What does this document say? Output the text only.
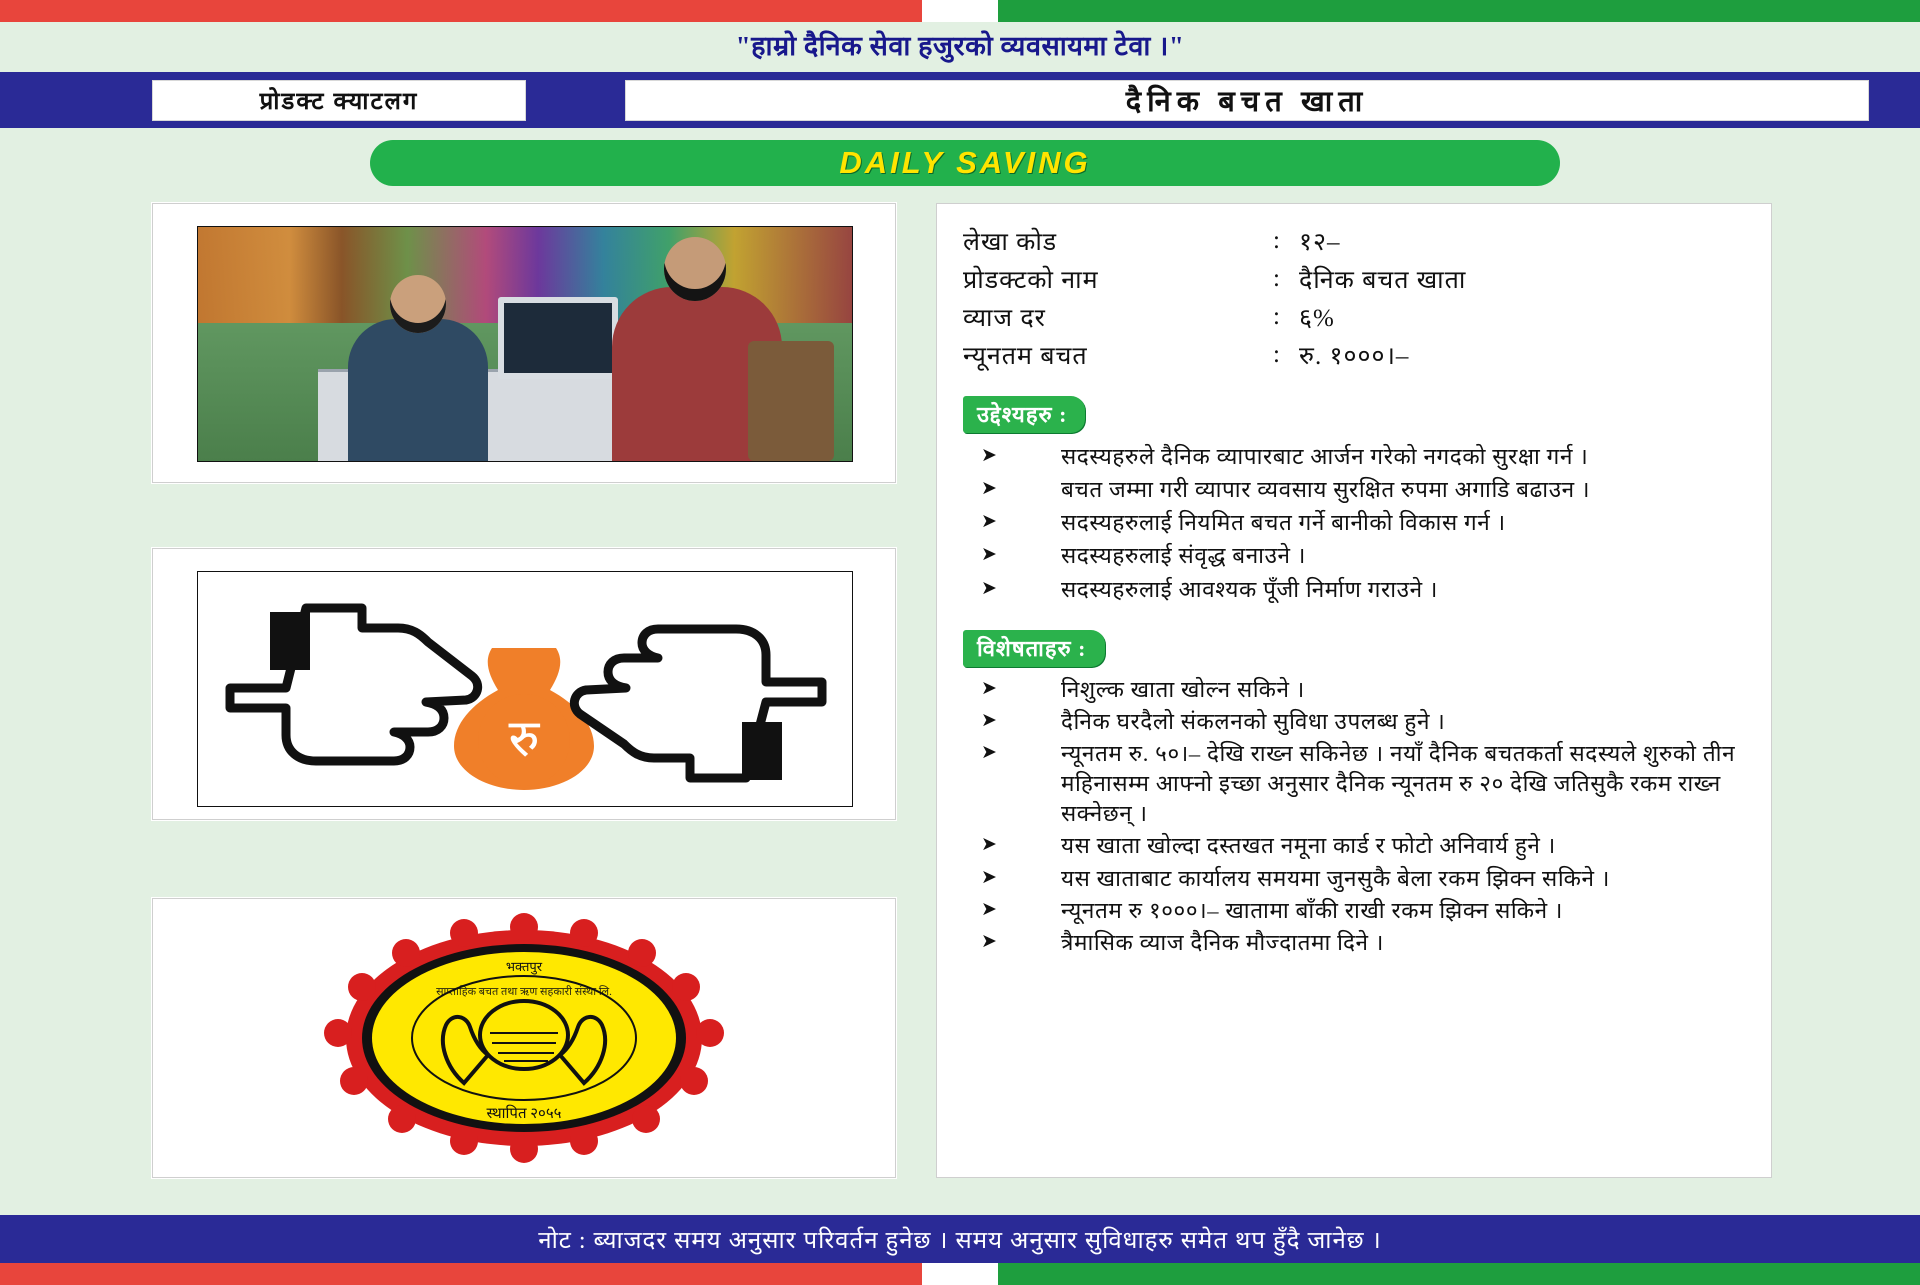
"हाम्रो दैनिक सेवा हजुरको व्यवसायमा टेवा ।"
प्रोडक्ट क्याटलग	दैनिक बचत खाता
DAILY SAVING
रु
भक्तपुर
स्थापित २०५५
साप्ताहिक बचत तथा ऋण सहकारी संस्था लि.
लेखा कोड	:	१२–
प्रोडक्टको नाम	:	दैनिक बचत खाता
व्याज दर	:	६%
न्यूनतम बचत	:	रु. १०००।–
उद्देश्यहरु :
➤ सदस्यहरुले दैनिक व्यापारबाट आर्जन गरेको नगदको सुरक्षा गर्न ।
➤ बचत जम्मा गरी व्यापार व्यवसाय सुरक्षित रुपमा अगाडि बढाउन ।
➤ सदस्यहरुलाई नियमित बचत गर्ने बानीको विकास गर्न ।
➤ सदस्यहरुलाई संवृद्ध बनाउने ।
➤ सदस्यहरुलाई आवश्यक पूँजी निर्माण गराउने ।
विशेषताहरु :
➤ निशुल्क खाता खोल्न सकिने ।
➤ दैनिक घरदैलो संकलनको सुविधा उपलब्ध हुने ।
➤ न्यूनतम रु. ५०।– देखि राख्न सकिनेछ । नयाँ दैनिक बचतकर्ता सदस्यले शुरुको तीन महिनासम्म आफ्नो इच्छा अनुसार दैनिक न्यूनतम रु २० देखि जतिसुकै रकम राख्न सक्नेछन् ।
➤ यस खाता खोल्दा दस्तखत नमूना कार्ड र फोटो अनिवार्य हुने ।
➤ यस खाताबाट कार्यालय समयमा जुनसुकै बेला रकम झिक्न सकिने ।
➤ न्यूनतम रु १०००।– खातामा बाँकी राखी रकम झिक्न सकिने ।
➤ त्रैमासिक व्याज दैनिक मौज्दातमा दिने ।
नोट : ब्याजदर समय अनुसार परिवर्तन हुनेछ । समय अनुसार सुविधाहरु समेत थप हुँदै जानेछ ।
